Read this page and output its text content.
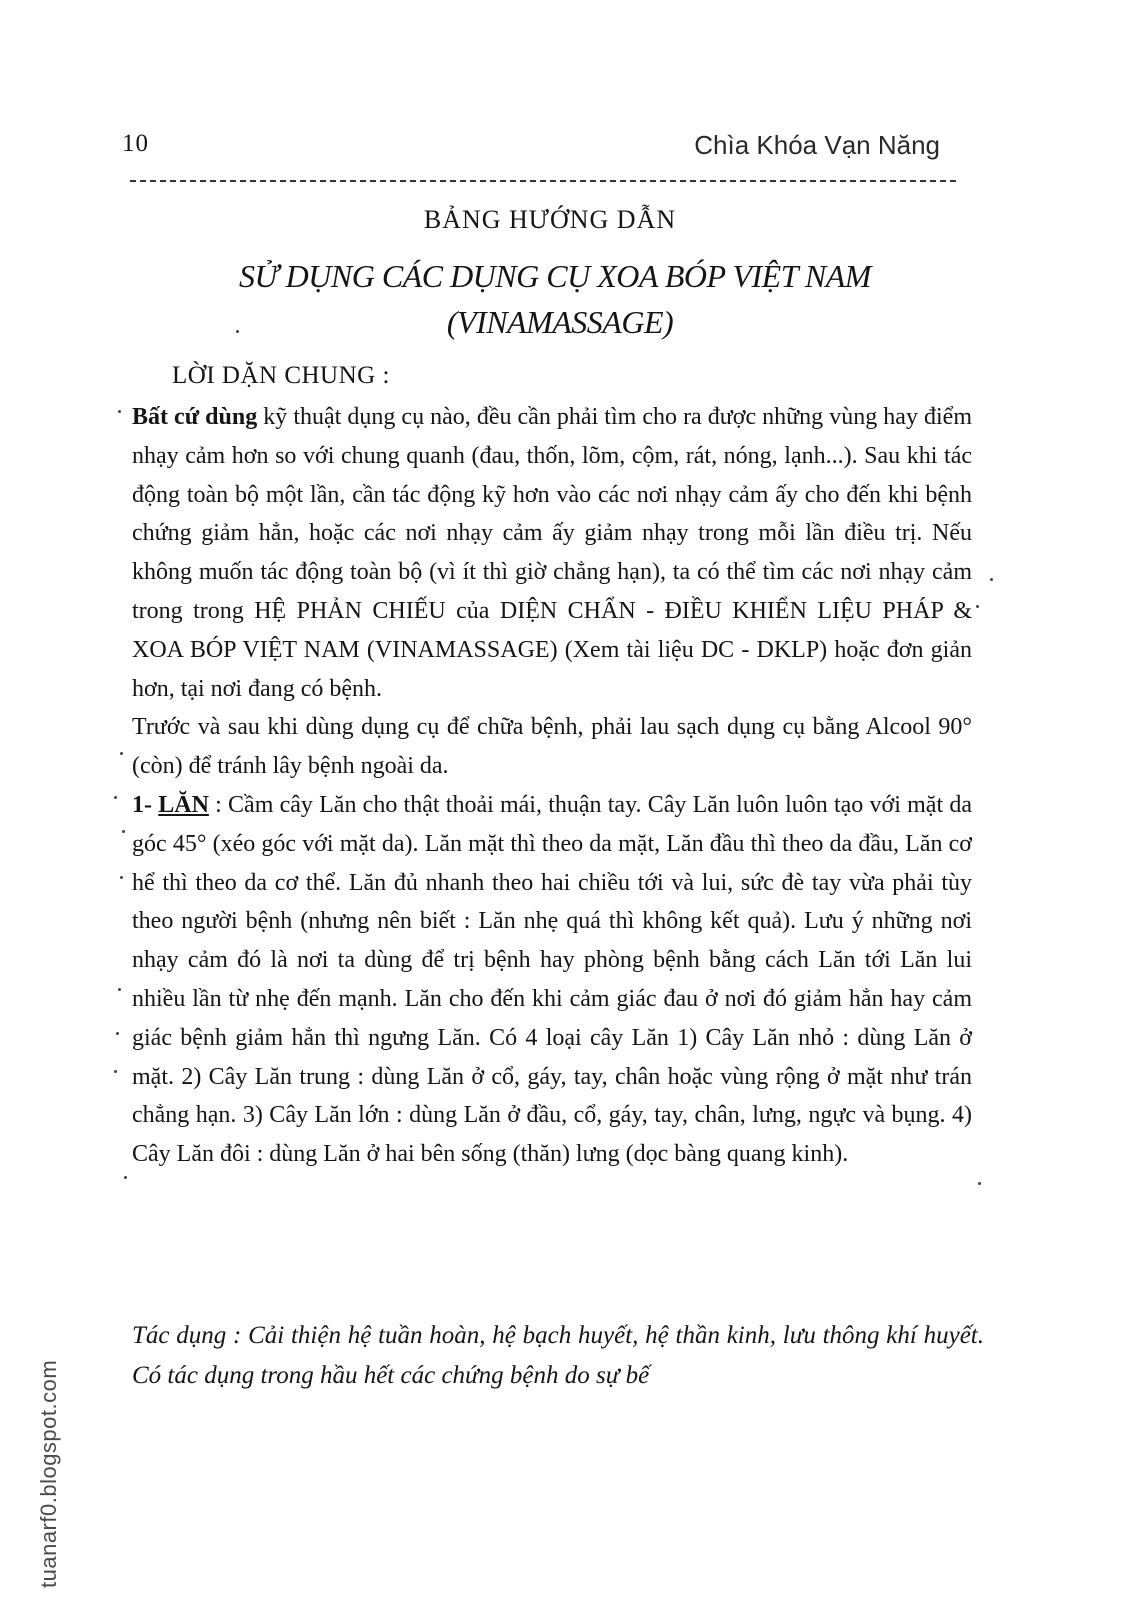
10	Chìa Khóa Vạn Năng
BẢNG HƯỚNG DẪN
SỬ DỤNG CÁC DỤNG CỤ XOA BÓP VIỆT NAM
(VINAMASSAGE)
LỜI DẶN CHUNG :

Bất cứ dùng kỹ thuật dụng cụ nào, đều cần phải tìm cho ra được những vùng hay điểm nhạy cảm hơn so với chung quanh (đau, thốn, lõm, cộm, rát, nóng, lạnh...). Sau khi tác động toàn bộ một lần, cần tác động kỹ hơn vào các nơi nhạy cảm ấy cho đến khi bệnh chứng giảm hẳn, hoặc các nơi nhạy cảm ấy giảm nhạy trong mỗi lần điều trị. Nếu không muốn tác động toàn bộ (vì ít thì giờ chẳng hạn), ta có thể tìm các nơi nhạy cảm trong trong HỆ PHẢN CHIẾU của DIỆN CHẨN - ĐIỀU KHIỂN LIỆU PHÁP & XOA BÓP VIỆT NAM (VINAMASSAGE) (Xem tài liệu DC - DKLP) hoặc đơn giản hơn, tại nơi đang có bệnh.

Trước và sau khi dùng dụng cụ để chữa bệnh, phải lau sạch dụng cụ bằng Alcool 90° (còn) để tránh lây bệnh ngoài da.

1- LĂN : Cầm cây Lăn cho thật thoải mái, thuận tay. Cây Lăn luôn luôn tạo với mặt da góc 45° (xéo góc với mặt da). Lăn mặt thì theo da mặt, Lăn đầu thì theo da đầu, Lăn cơ hể thì theo da cơ thể. Lăn đủ nhanh theo hai chiều tới và lui, sức đè tay vừa phải tùy theo người bệnh (nhưng nên biết : Lăn nhẹ quá thì không kết quả). Lưu ý những nơi nhạy cảm đó là nơi ta dùng để trị bệnh hay phòng bệnh bằng cách Lăn tới Lăn lui nhiều lần từ nhẹ đến mạnh. Lăn cho đến khi cảm giác đau ở nơi đó giảm hẳn hay cảm giác bệnh giảm hẳn thì ngưng Lăn. Có 4 loại cây Lăn 1) Cây Lăn nhỏ : dùng Lăn ở mặt. 2) Cây Lăn trung : dùng Lăn ở cổ, gáy, tay, chân hoặc vùng rộng ở mặt như trán chẳng hạn. 3) Cây Lăn lớn : dùng Lăn ở đầu, cổ, gáy, tay, chân, lưng, ngực và bụng. 4) Cây Lăn đôi : dùng Lăn ở hai bên sống (thăn) lưng (dọc bàng quang kinh).

Tác dụng : Cải thiện hệ tuần hoàn, hệ bạch huyết, hệ thần kinh, lưu thông khí huyết. Có tác dụng trong hầu hết các chứng bệnh do sự bế
tuanarf0.blogspot.com
